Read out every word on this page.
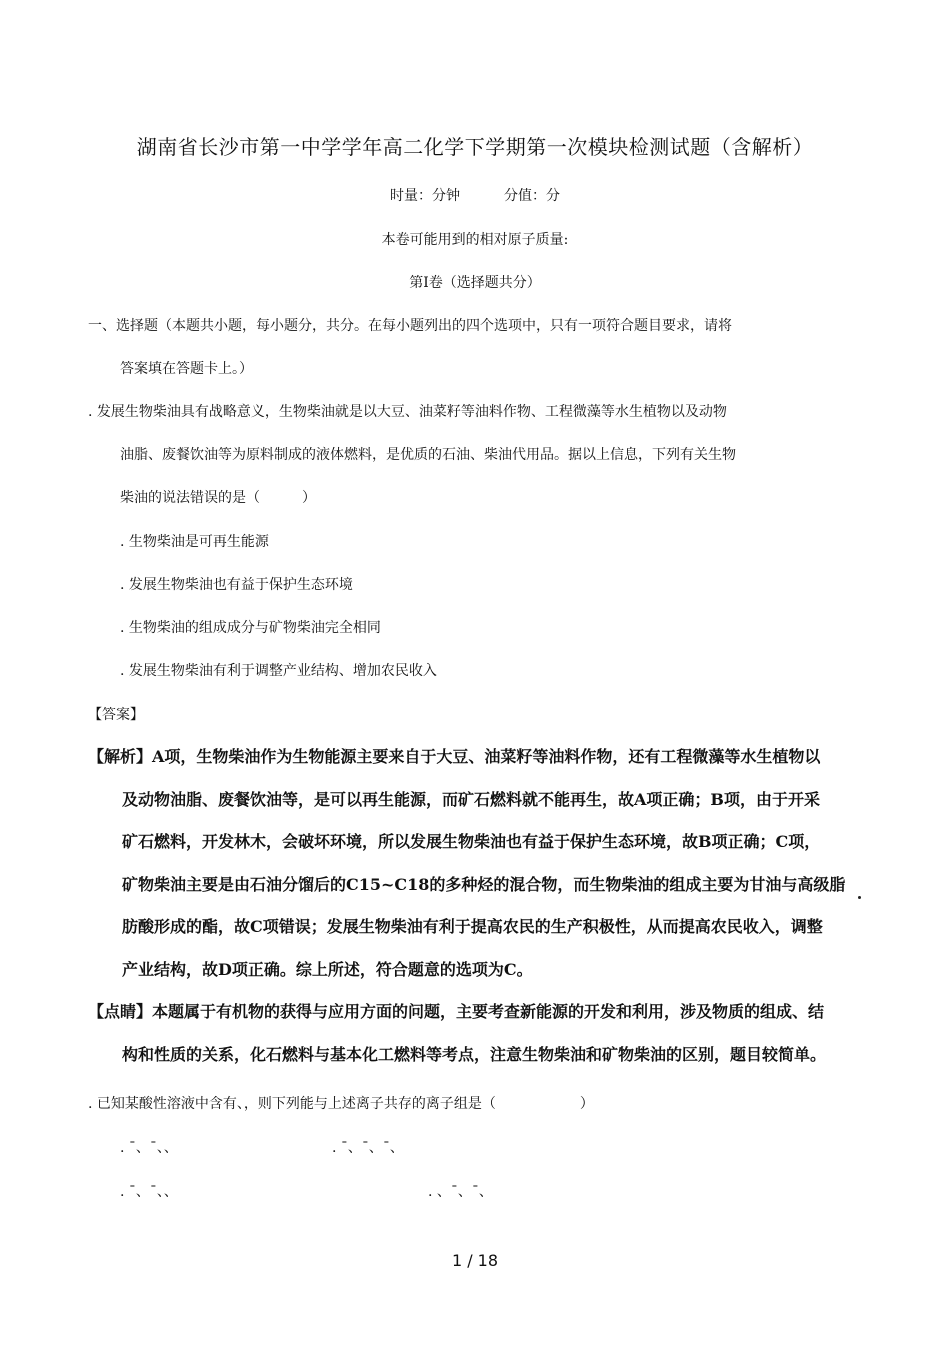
湖南省长沙市第一中学学年高二化学下学期第一次模块检测试题（含解析）
时量：分钟	分值：分
本卷可能用到的相对原子质量:
第Ⅰ卷（选择题共分）
一、选择题（本题共小题，每小题分，共分。在每小题列出的四个选项中，只有一项符合题目要求，请将
答案填在答题卡上。）
. 发展生物柴油具有战略意义，生物柴油就是以大豆、油菜籽等油料作物、工程微藻等水生植物以及动物
油脂、废餐饮油等为原料制成的液体燃料，是优质的石油、柴油代用品。据以上信息，下列有关生物
柴油的说法错误的是（　　　）
. 生物柴油是可再生能源
. 发展生物柴油也有益于保护生态环境
. 生物柴油的组成成分与矿物柴油完全相同
. 发展生物柴油有利于调整产业结构、增加农民收入
【答案】
【解析】A项，生物柴油作为生物能源主要来自于大豆、油菜籽等油料作物，还有工程微藻等水生植物以
及动物油脂、废餐饮油等，是可以再生能源，而矿石燃料就不能再生，故A项正确；B项，由于开采
矿石燃料，开发林木，会破坏环境，所以发展生物柴油也有益于保护生态环境，故B项正确；C项，
矿物柴油主要是由石油分馏后的C15~C18的多种烃的混合物，而生物柴油的组成主要为甘油与高级脂
肪酸形成的酯，故C项错误；发展生物柴油有利于提高农民的生产积极性，从而提高农民收入，调整
产业结构，故D项正确。综上所述，符合题意的选项为C。
【点睛】本题属于有机物的获得与应用方面的问题，主要考查新能源的开发和利用，涉及物质的组成、结
构和性质的关系，化石燃料与基本化工燃料等考点，注意生物柴油和矿物柴油的区别，题目较简单。
. 已知某酸性溶液中含有、，则下列能与上述离子共存的离子组是（　　　　　　）
. ˉ、ˉ、、	. ˉ、ˉ、ˉ、
. ˉ、ˉ、、	. 、ˉ、ˉ、
1 / 18
